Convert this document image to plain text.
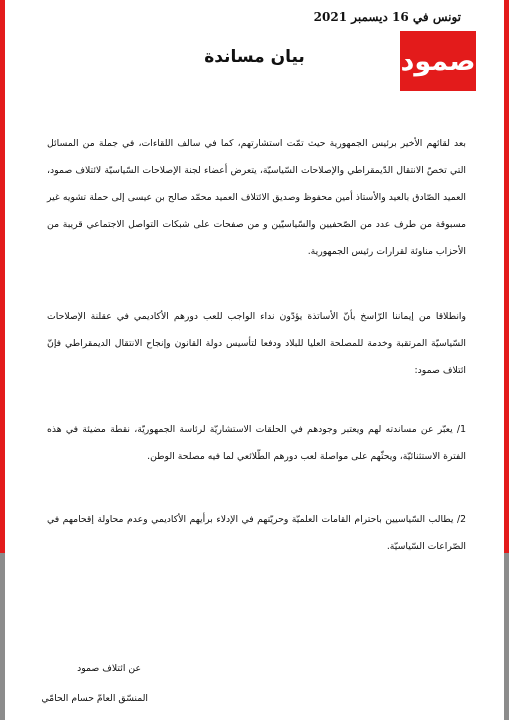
تونس في 16 ديسمبر 2021
صمود
بيان مساندة

بعد لقائهم الأخير برئيس الجمهورية حيث تمّت استشارتهم، كما في سالف اللقاءات، في جملة من المسائل التي تخصّ الانتقال الدّيمقراطي والإصلاحات السّياسيّة، يتعرض أعضاء لجنة الإصلاحات السّياسيّة لائتلاف صمود، العميد الصّادق بالعيد والأستاذ أمين محفوظ وصديق الائتلاف العميد محمّد صالح بن عيسى إلى حملة تشويه غير مسبوقة من طرف عدد من الصّحفيين والسّياسيّين و من صفحات على شبكات التواصل الاجتماعي قريبة من الأحزاب مناوئة لقرارات رئيس الجمهورية.

وانطلاقا من إيماننا الرّاسخ بأنّ الأساتذة يؤدّون نداء الواجب للعب دورهم الأكاديمي في عقلنة الإصلاحات السّياسيّة المرتقبة وخدمة للمصلحة العليا للبلاد ودفعا لتأسيس دولة القانون وإنجاح الانتقال الديمقراطي فإنّ ائتلاف صمود:

1/ يعبّر عن مساندته لهم ويعتبر وجودهم في الحلقات الاستشاريّة لرئاسة الجمهوريّة، نقطة مضيئة في هذه الفترة الاستثنائيّة، ويحثّهم على مواصلة لعب دورهم الطّلائعي لما فيه مصلحة الوطن.

2/ يطالب السّياسيين باحترام القامات العلميّة وحريّتهم في الإدلاء برأيهم الأكاديمي وعدم محاولة إقحامهم في الصّراعات السّياسيّة.

عن ائتلاف صمود
المنسّق العامّ حسام الحامّي
